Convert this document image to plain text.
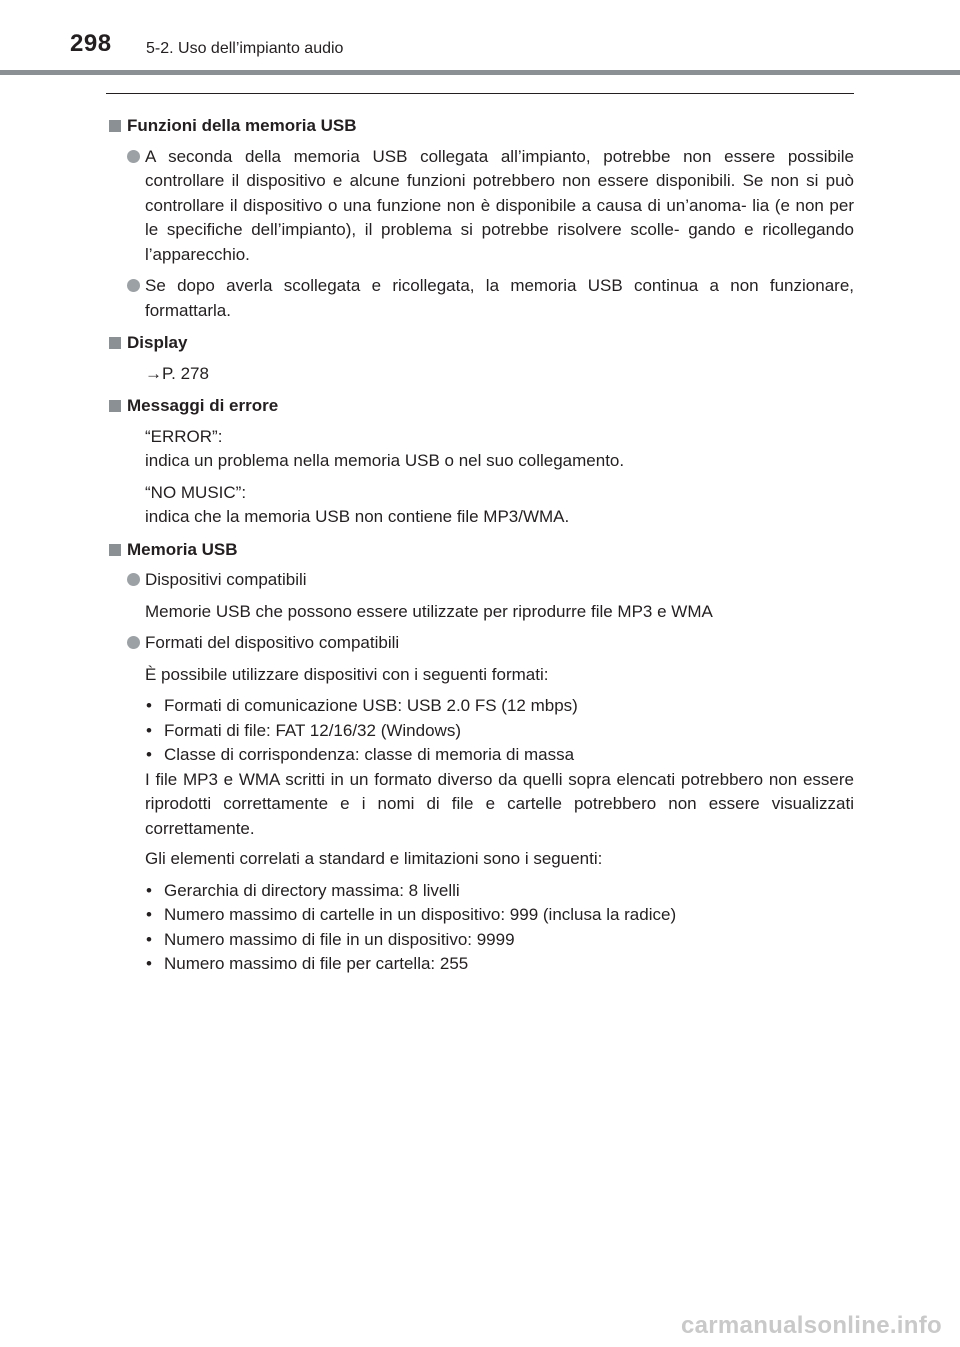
298 5-2. Uso dell’impianto audio
Funzioni della memoria USB
A seconda della memoria USB collegata all’impianto, potrebbe non essere possibile controllare il dispositivo e alcune funzioni potrebbero non essere disponibili. Se non si può controllare il dispositivo o una funzione non è disponibile a causa di un’anoma- lia (e non per le specifiche dell’impianto), il problema si potrebbe risolvere scolle- gando e ricollegando l’apparecchio.
Se dopo averla scollegata e ricollegata, la memoria USB continua a non funzionare, formattarla.
Display
→P. 278
Messaggi di errore
“ERROR”:
indica un problema nella memoria USB o nel suo collegamento.
“NO MUSIC”:
indica che la memoria USB non contiene file MP3/WMA.
Memoria USB
Dispositivi compatibili
Memorie USB che possono essere utilizzate per riprodurre file MP3 e WMA
Formati del dispositivo compatibili
È possibile utilizzare dispositivi con i seguenti formati:
• Formati di comunicazione USB: USB 2.0 FS (12 mbps)
• Formati di file: FAT 12/16/32 (Windows)
• Classe di corrispondenza: classe di memoria di massa
I file MP3 e WMA scritti in un formato diverso da quelli sopra elencati potrebbero non essere riprodotti correttamente e i nomi di file e cartelle potrebbero non essere visualizzati correttamente.
Gli elementi correlati a standard e limitazioni sono i seguenti:
• Gerarchia di directory massima: 8 livelli
• Numero massimo di cartelle in un dispositivo: 999 (inclusa la radice)
• Numero massimo di file in un dispositivo: 9999
• Numero massimo di file per cartella: 255
carmanualsonline.info
